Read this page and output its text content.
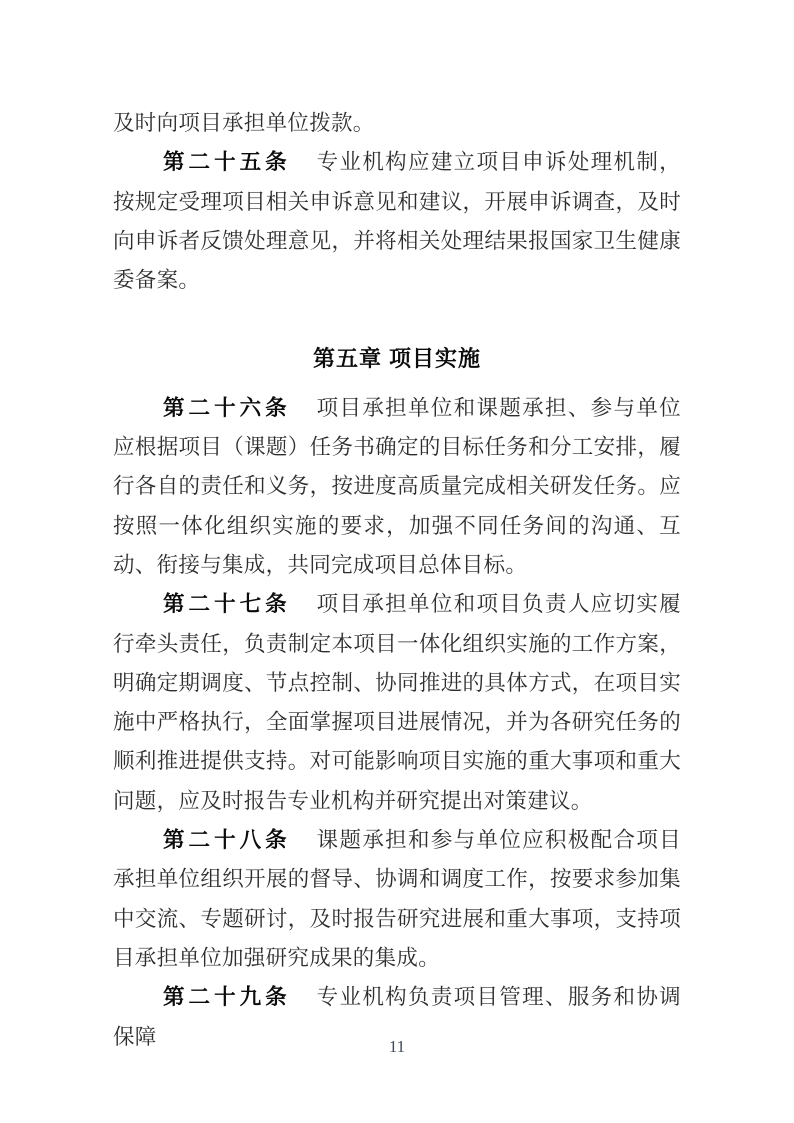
及时向项目承担单位拨款。

第二十五条 专业机构应建立项目申诉处理机制，按规定受理项目相关申诉意见和建议，开展申诉调查，及时向申诉者反馈处理意见，并将相关处理结果报国家卫生健康委备案。

第五章 项目实施

第二十六条 项目承担单位和课题承担、参与单位应根据项目（课题）任务书确定的目标任务和分工安排，履行各自的责任和义务，按进度高质量完成相关研发任务。应按照一体化组织实施的要求，加强不同任务间的沟通、互动、衔接与集成，共同完成项目总体目标。

第二十七条 项目承担单位和项目负责人应切实履行牵头责任，负责制定本项目一体化组织实施的工作方案，明确定期调度、节点控制、协同推进的具体方式，在项目实施中严格执行，全面掌握项目进展情况，并为各研究任务的顺利推进提供支持。对可能影响项目实施的重大事项和重大问题，应及时报告专业机构并研究提出对策建议。

第二十八条 课题承担和参与单位应积极配合项目承担单位组织开展的督导、协调和调度工作，按要求参加集中交流、专题研讨，及时报告研究进展和重大事项，支持项目承担单位加强研究成果的集成。

第二十九条 专业机构负责项目管理、服务和协调保障	11
